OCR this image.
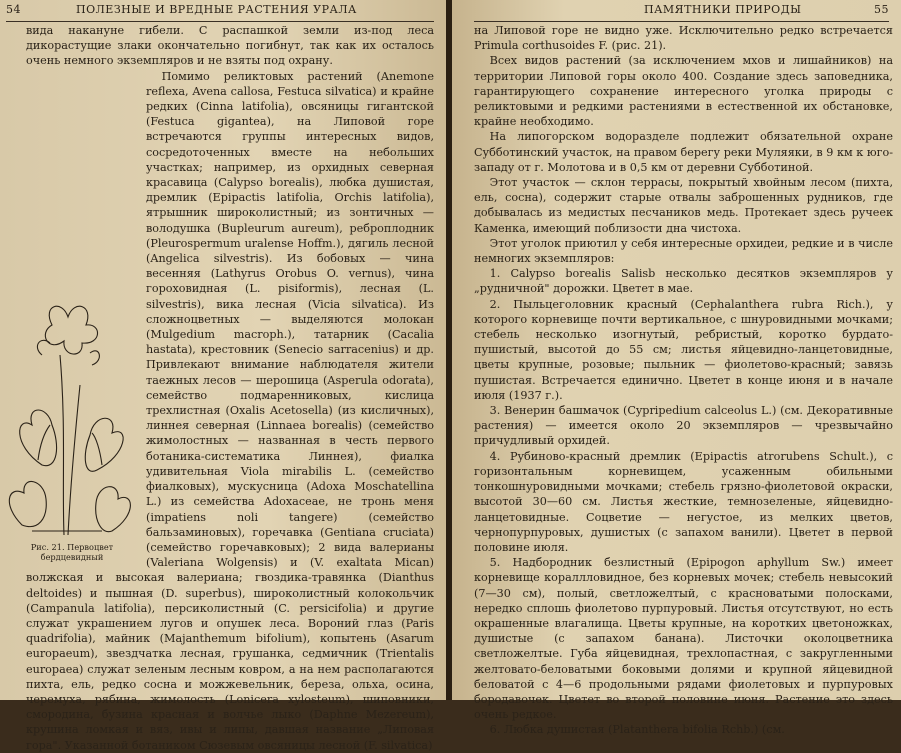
54	ПОЛЕЗНЫЕ И ВРЕДНЫЕ РАСТЕНИЯ УРАЛА

вида накануне гибели. С распашкой земли из-под леса дикорастущие злаки окончательно погибнут, так как их осталось очень немного экземпляров и не взяты под охрану.

Рис. 21. Первоцвет бердцевидный

Помимо реликтовых растений (Anemone reflexa, Avena callosa, Festuca silvatica) и крайне редких (Cinna latifolia), овсяницы гигантской (Festuca gigantea), на Липовой горе встречаются группы интересных видов, сосредоточенных вместе на небольших участках; например, из орхидных северная красавица (Calypso borealis), любка душистая, дремлик (Epipactis latifolia, Orchis latifolia), ятрышник широколистный; из зонтичных — володушка (Bupleurum aureum), реброплодник (Pleurospermum uralense Hoffm.), дягиль лесной (Angelica silvestris). Из бобовых — чина весенняя (Lathyrus Orobus O. vernus), чина гороховидная (L. pisiformis), лесная (L. silvestris), вика лесная (Vicia silvatica). Из сложноцветных — выделяются молокан (Mulgedium macroph.), татарник (Cacalia hastata), крестовник (Senecio sarracenius) и др. Привлекают внимание наблюдателя жители таежных лесов — шерошица (Asperula odorata), семейство подмаренниковых, кислица трехлистная (Oxalis Acetosella) (из кисличных), линнея северная (Linnaea borealis) (семейство жимолостных — названная в честь первого ботаника-систематика Линнея), фиалка удивительная Viola mirabilis L. (семейство фиалковых), мускусница (Adoxa Moschatellina L.) из семейства Adoxaceae, не тронь меня (impatiens noli tangere) (семейство бальзаминовых), горечавка (Gentiana cruciata) (семейство горечавковых); 2 вида валерианы (Valeriana Wolgensis) и (V. exaltata Mican) волжская и высокая валериана; гвоздика-травянка (Dianthus deltoides) и пышная (D. superbus), широколистный колокольчик (Campanula latifolia), персиколистный (C. persicifolia) и другие служат украшением лугов и опушек леса. Вороний глаз (Paris quadrifolia), майник (Majanthemum bifolium), копытень (Asarum europaeum), звездчатка лесная, грушанка, седмичник (Trientalis europaea) служат зеленым лесным ковром, а на нем располагаются пихта, ель, редко сосна и можжевельник, береза, ольха, осина, черемуха, рябина, жимолость (Lonicera xylosteum), шиповники, смородина, бузина красная и волчье лыко (Daphne Mezereum), крушина ломкая и вяз, ивы и липы, давшая название „Липовая гора". Указанной ботаником Сюзевым овсяницы лесной (F. silvatica)

ПАМЯТНИКИ ПРИРОДЫ	55

на Липовой горе не видно уже. Исключительно редко встречается Primula corthusoides F. (рис. 21).

Всех видов растений (за исключением мхов и лишайников) на территории Липовой горы около 400. Создание здесь заповедника, гарантирующего сохранение интересного уголка природы с реликтовыми и редкими растениями в естественной их обстановке, крайне необходимо.

На липогорском водоразделе подлежит обязательной охране Субботинский участок, на правом берегу реки Муляяки, в 9 км к юго-западу от г. Молотова и в 0,5 км от деревни Субботиной.

Этот участок — склон террасы, покрытый хвойным лесом (пихта, ель, сосна), содержит старые отвалы заброшенных рудников, где добывалась из медистых песчаников медь. Протекает здесь ручеек Каменка, имеющий поблизости дна чистоха.

Этот уголок приютил у себя интересные орхидеи, редкие и в числе немногих экземпляров:

1. Calypso borealis Salisb несколько десятков экземпляров у „рудничной" дорожки. Цветет в мае.

2. Пыльцеголовник красный (Cephalanthera rubra Rich.), у которого корневище почти вертикальное, с шнуровидными мочками; стебель несколько изогнутый, ребристый, коротко бурдато-пушистый, высотой до 55 см; листья яйцевидно-ланцетовидные, цветы крупные, розовые; пыльник — фиолетово-красный; завязь пушистая. Встречается единично. Цветет в конце июня и в начале июля (1937 г.).

3. Венерин башмачок (Cypripedium calceolus L.) (см. Декоративные растения) — имеется около 20 экземпляров — чрезвычайно причудливый орхидей.

4. Рубиново-красный дремлик (Epipactis atrorubens Schult.), с горизонтальным корневищем, усаженным обильными тонкошнуровидными мочками; стебель грязно-фиолетовой окраски, высотой 30—60 см. Листья жесткие, темнозеленые, яйцевидно-ланцетовидные. Соцветие — негустое, из мелких цветов, чернопурпуровых, душистых (с запахом ванили). Цветет в первой половине июля.

5. Надбородник безлистный (Epipogon aphyllum Sw.) имеет корневище кораллловидное, без корневых мочек; стебель невысокий (7—30 см), полый, светложелтый, с красноватыми полосками, нередко сплошь фиолетово пурпуровый. Листья отсутствуют, но есть окрашенные влагалища. Цветы крупные, на коротких цветоножках, душистые (с запахом банана). Листочки околоцветника светложелтые. Губа яйцевидная, трехлопастная, с закругленными желтовато-беловатыми боковыми долями и крупной яйцевидной беловатой с 4—6 продольными рядами фиолетовых и пурпуровых бородавочек. Цветет во второй половине июня. Растение это здесь очень редкое.

6. Любка душистая (Platanthera bifolia Rchb.) (см.
